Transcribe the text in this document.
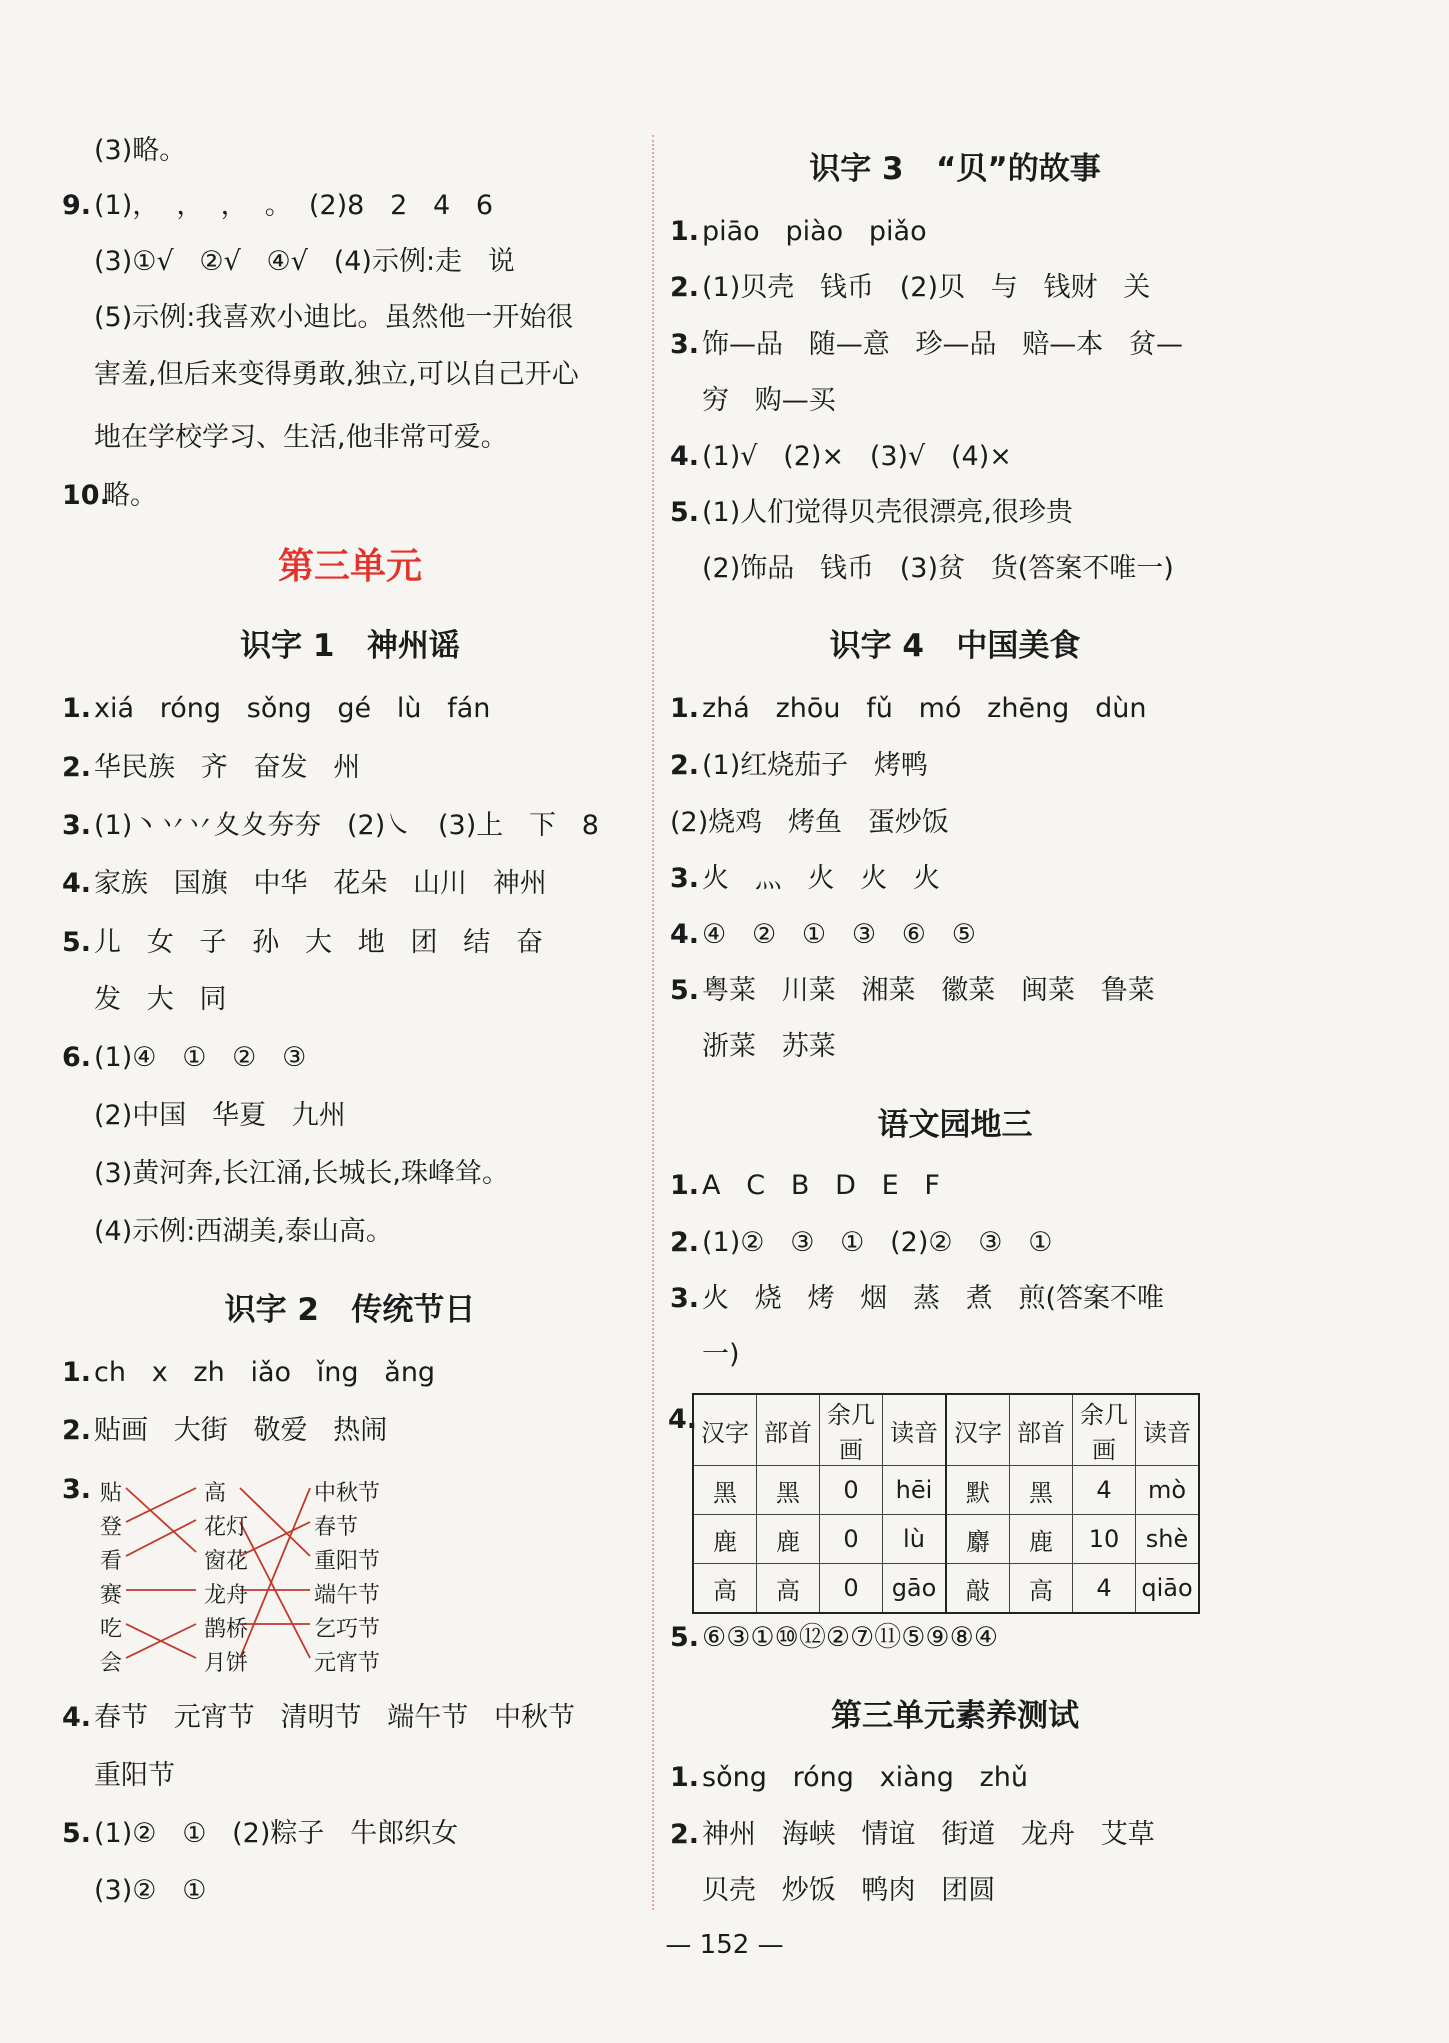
(3)略。
9. (1)，  ，  ，  。  (2)8   2   4   6
(3)①√   ②√   ④√   (4)示例:走   说
(5)示例:我喜欢小迪比。虽然他一开始很
害羞,但后来变得勇敢,独立,可以自己开心
地在学校学习、生活,他非常可爱。
10.
略。
第三单元
识字 1   神州谣
1. xiá   róng   sǒng   gé   lù   fán
2. 华民族   齐   奋发   州
3. (1)丶丷丷夊夊夯夯   (2)㇏   (3)上   下   8
4. 家族   国旗   中华   花朵   山川   神州
5. 儿   女   子   孙   大   地   团   结   奋
发   大   同
6. (1)④   ①   ②   ③
(2)中国   华夏   九州
(3)黄河奔,长江涌,长城长,珠峰耸。
(4)示例:西湖美,泰山高。
识字 2   传统节日
1. ch   x   zh   iǎo   ǐng   ǎng
2. 贴画   大街   敬爱   热闹
3. 贴
登
看
赛
吃
会
高
花灯
窗花
龙舟
鹊桥
月饼
中秋节
春节
重阳节
端午节
乞巧节
元宵节
4. 春节   元宵节   清明节   端午节   中秋节
重阳节
5. (1)②   ①   (2)粽子   牛郎织女
(3)②   ①
识字 3   “贝”的故事
1. piāo   piào   piǎo
2. (1)贝壳   钱币   (2)贝   与   钱财   关
3. 饰—品   随—意   珍—品   赔—本   贫—
穷   购—买
4. (1)√   (2)×   (3)√   (4)×
5. (1)人们觉得贝壳很漂亮,很珍贵
(2)饰品   钱币   (3)贫   货(答案不唯一)
识字 4   中国美食
1. zhá   zhōu   fǔ   mó   zhēng   dùn
2. (1)红烧茄子   烤鸭
(2)烧鸡   烤鱼   蛋炒饭
3. 火   灬   火   火   火
4. ④   ②   ①   ③   ⑥   ⑤
5. 粤菜   川菜   湘菜   徽菜   闽菜   鲁菜
浙菜   苏菜
语文园地三
1. A   C   B   D   E   F
2. (1)②   ③   ①   (2)②   ③   ①
3. 火   烧   烤   烟   蒸   煮   煎(答案不唯
一)
4. 汉字	部首	余几画	读音	汉字	部首	余几画	读音
黑	黑	0	hēi	默	黑	4	mò
鹿	鹿	0	lù	麝	鹿	10	shè
高	高	0	gāo	敲	高	4	qiāo
5. ⑥③①⑩⑫②⑦⑪⑤⑨⑧④
第三单元素养测试
1. sǒng   róng   xiàng   zhǔ
2. 神州   海峡   情谊   街道   龙舟   艾草
贝壳   炒饭   鸭肉   团圆
— 152 —
